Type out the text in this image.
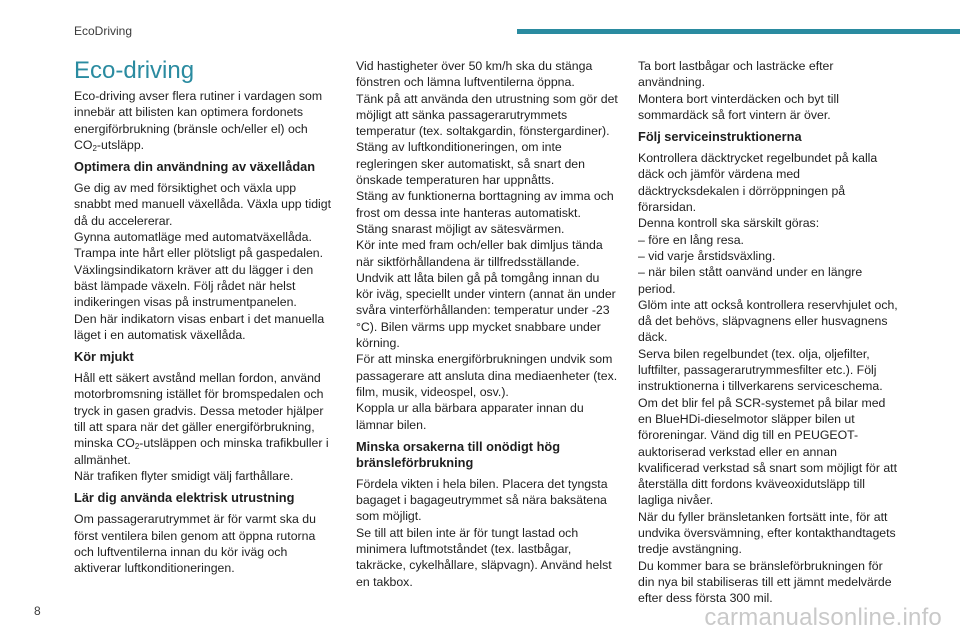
EcoDriving
Eco-driving

Eco-driving avser flera rutiner i vardagen som innebär att bilisten kan optimera fordonets energiförbrukning (bränsle och/eller el) och $CO_2$-utsläpp.

Optimera din användning av växellådan

Ge dig av med försiktighet och växla upp snabbt med manuell växellåda. Växla upp tidigt då du accelererar.

Gynna automatläge med automatväxellåda.

Trampa inte hårt eller plötsligt på gaspedalen.

Växlingsindikatorn kräver att du lägger i den bäst lämpade växeln. Följ rådet när helst indikeringen visas på instrumentpanelen.

Den här indikatorn visas enbart i det manuella läget i en automatisk växellåda.

Kör mjukt

Håll ett säkert avstånd mellan fordon, använd motorbromsning istället för bromspedalen och tryck in gasen gradvis. Dessa metoder hjälper till att spara när det gäller energiförbrukning, minska $CO_2$-utsläppen och minska trafikbuller i allmänhet.

När trafiken flyter smidigt välj farthållare.

Lär dig använda elektrisk utrustning

Om passagerarutrymmet är för varmt ska du först ventilera bilen genom att öppna rutorna och luftventilerna innan du kör iväg och aktiverar luftkonditioneringen.

Vid hastigheter över 50 km/h ska du stänga fönstren och lämna luftventilerna öppna.

Tänk på att använda den utrustning som gör det möjligt att sänka passagerarutrymmets temperatur (tex. soltakgardin, fönstergardiner).

Stäng av luftkonditioneringen, om inte regleringen sker automatiskt, så snart den önskade temperaturen har uppnåtts.

Stäng av funktionerna borttagning av imma och frost om dessa inte hanteras automatiskt.

Stäng snarast möjligt av sätesvärmen.

Kör inte med fram och/eller bak dimljus tända när siktförhållandena är tillfredsställande.

Undvik att låta bilen gå på tomgång innan du kör iväg, speciellt under vintern (annat än under svåra vinterförhållanden: temperatur under -23 °C). Bilen värms upp mycket snabbare under körning.

För att minska energiförbrukningen undvik som passagerare att ansluta dina mediaenheter (tex. film, musik, videospel, osv.).

Koppla ur alla bärbara apparater innan du lämnar bilen.

Minska orsakerna till onödigt hög bränsleförbrukning

Fördela vikten i hela bilen. Placera det tyngsta bagaget i bagageutrymmet så nära baksätena som möjligt.

Se till att bilen inte är för tungt lastad och minimera luftmotståndet (tex. lastbågar, takräcke, cykelhållare, släpvagn). Använd helst en takbox.

Ta bort lastbågar och lasträcke efter användning.

Montera bort vinterdäcken och byt till sommardäck så fort vintern är över.

Följ serviceinstruktionerna

Kontrollera däcktrycket regelbundet på kalla däck och jämför värdena med däcktrycksdekalen i dörröppningen på förarsidan.

Denna kontroll ska särskilt göras:

– före en lång resa.

– vid varje årstidsväxling.

– när bilen stått oanvänd under en längre period.

Glöm inte att också kontrollera reservhjulet och, då det behövs, släpvagnens eller husvagnens däck.

Serva bilen regelbundet (tex. olja, oljefilter, luftfilter, passagerarutrymmesfilter etc.). Följ instruktionerna i tillverkarens serviceschema.

Om det blir fel på SCR-systemet på bilar med en BlueHDi-dieselmotor släpper bilen ut föroreningar. Vänd dig till en PEUGEOT-auktoriserad verkstad eller en annan kvalificerad verkstad så snart som möjligt för att återställa ditt fordons kväveoxidutsläpp till lagliga nivåer.

När du fyller bränsletanken fortsätt inte, för att undvika översvämning, efter kontakthandtagets tredje avstängning.

Du kommer bara se bränsleförbrukningen för din nya bil stabiliseras till ett jämnt medelvärde efter dess första 300 mil.

8	carmanualsonline.info
